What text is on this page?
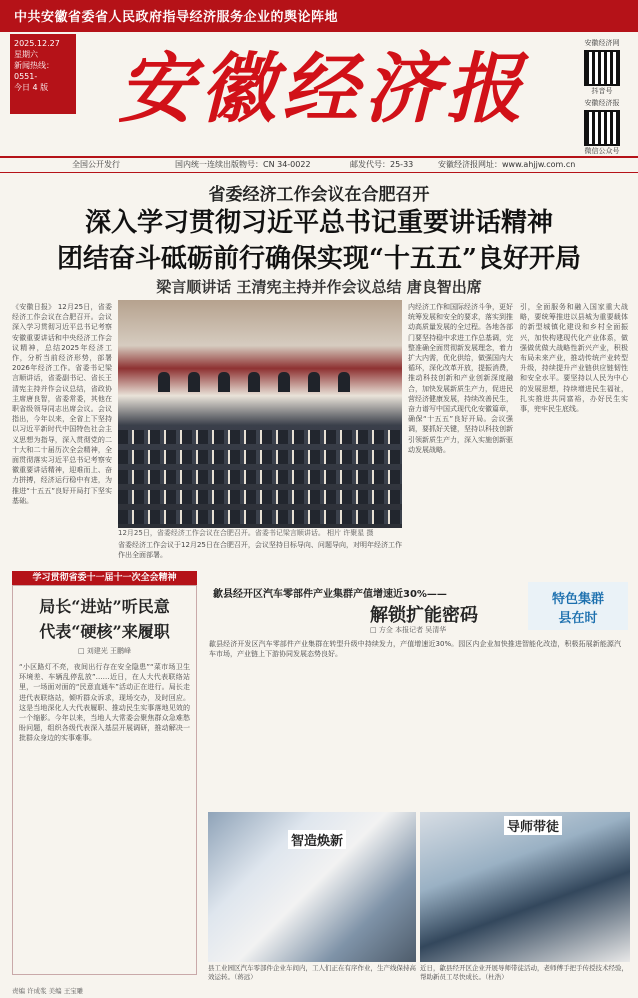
中共安徽省委省人民政府指导经济服务企业的舆论阵地
2025.12.27
星期六
新闻热线：0551-
今日 4 版 安徽经济报
安徽经济网
抖音号
安徽经济报
微信公众号
全国公开发行	国内统一连续出版物号：CN 34-0022	邮发代号：25-33	安徽经济报网址：www.ahjjw.com.cn
省委经济工作会议在合肥召开
深入学习贯彻习近平总书记重要讲话精神
团结奋斗砥砺前行确保实现“十五五”良好开局
梁言顺讲话 王清宪主持并作会议总结 唐良智出席
《安徽日报》 12月25日，省委经济工作会议在合肥召开。会议深入学习贯彻习近平总书记考察安徽重要讲话和中央经济工作会议精神，总结2025年经济工作，分析当前经济形势，部署2026年经济工作。省委书记梁言顺讲话，省委副书记、省长王清宪主持并作会议总结，省政协主席唐良智，省委常委，其他在职省级领导同志出席会议。会议指出，今年以来，全省上下坚持以习近平新时代中国特色社会主义思想为指导，深入贯彻党的二十大和二十届历次全会精神，全面贯彻落实习近平总书记考察安徽重要讲话精神，迎难而上、奋力拼搏，经济运行稳中有进，为推进“十五五”良好开局打下坚实基础。
12月25日，省委经济工作会议在合肥召开。省委书记梁言顺讲话。 相片 许聚星 摄
省委经济工作会议于12月25日在合肥召开，会议坚持目标导向、问题导向，对明年经济工作作出全面部署。
内经济工作和国际经济斗争，更好统筹发展和安全的要求，落实到推动高质量发展的全过程。各地各部门要坚持稳中求进工作总基调，完整准确全面贯彻新发展理念，着力扩大内需，优化供给，做强国内大循环，深化改革开放，提振消费，推动科技创新和产业创新深度融合，加快发展新质生产力，促进民营经济健康发展，持续改善民生，奋力谱写中国式现代化安徽篇章，确保“十五五”良好开局。会议强调，要抓好关键，坚持以科技创新引领新质生产力，深入实施创新驱动发展战略。
引，全面服务和融入国家重大战略，要统筹推进以县城为重要载体的新型城镇化建设和乡村全面振兴，加快构建现代化产业体系，做强做优做大战略性新兴产业，积极布局未来产业，推动传统产业转型升级，持续提升产业链供应链韧性和安全水平。要坚持以人民为中心的发展思想，持续增进民生福祉，扎实推进共同富裕，办好民生实事，兜牢民生底线。
学习贯彻省委十一届十一次全会精神
局长“进站”听民意
代表“硬核”来履职
□ 刘建光 王鹏峰
“小区路灯不亮，夜间出行存在安全隐患”“菜市场卫生环境差、车辆乱停乱放”……近日，在人大代表联络站里，一场面对面的“民意直通车”活动正在进行。局长走进代表联络站，倾听群众诉求，现场交办，及时回应。这是当地深化人大代表履职、推动民生实事落地见效的一个缩影。今年以来，当地人大常委会聚焦群众急难愁盼问题，组织各级代表深入基层开展调研，推动解决一批群众身边的实事难事。
歙县经开区汽车零部件产业集群产值增速近30%——
解锁扩能密码
□ 方佥 本报记者 吴清华
歙县经济开发区汽车零部件产业集群在转型升级中持续发力，产值增速近30%。园区内企业加快推进智能化改造，积极拓展新能源汽车市场，产业链上下游协同发展态势良好。
特色集群
县在时
智造焕新
导师带徒
县工业园区汽车零部件企业车间内，工人们正在有序作业，生产线保持高效运转。（蒋远）
近日，歙县经开区企业开展导师带徒活动，老师傅手把手传授技术经验，帮助新员工尽快成长。（杜浩）
责编 许成浆 美编 王宝雕
